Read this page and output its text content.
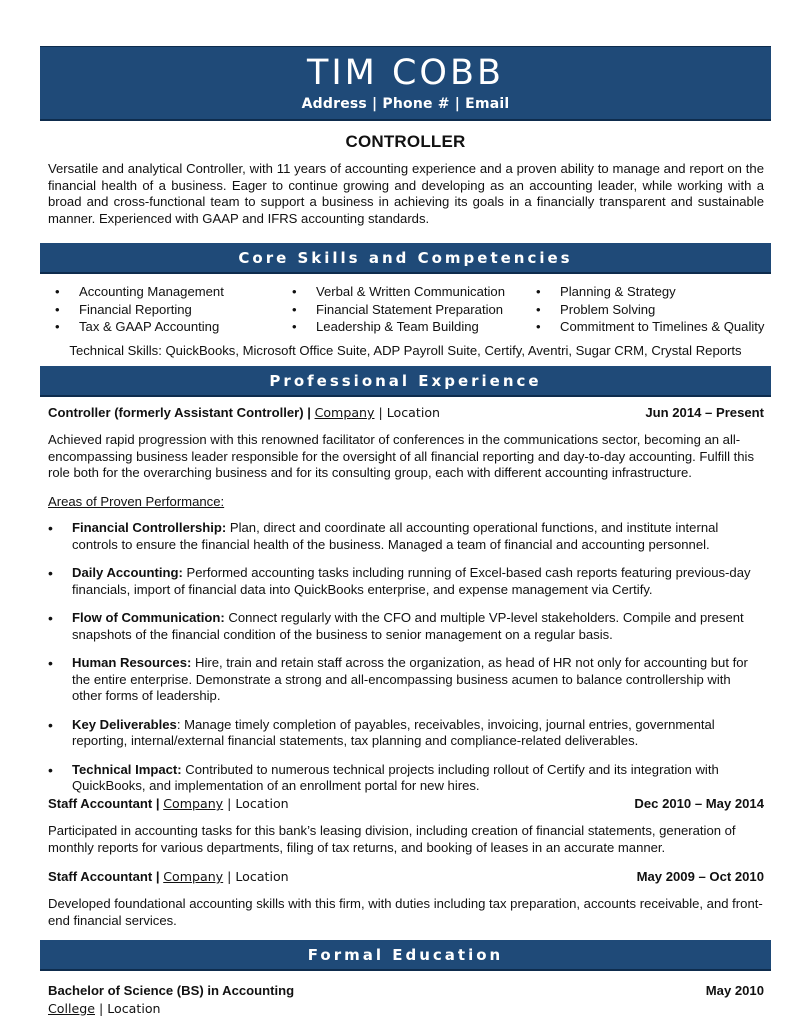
TIM COBB
Address | Phone # | Email
CONTROLLER
Versatile and analytical Controller, with 11 years of accounting experience and a proven ability to manage and report on the financial health of a business. Eager to continue growing and developing as an accounting leader, while working with a broad and cross-functional team to support a business in achieving its goals in a financially transparent and sustainable manner. Experienced with GAAP and IFRS accounting standards.
Core Skills and Competencies
• Accounting Management
• Financial Reporting
• Tax & GAAP Accounting
• Verbal & Written Communication
• Financial Statement Preparation
• Leadership & Team Building
• Planning & Strategy
• Problem Solving
• Commitment to Timelines & Quality
Technical Skills: QuickBooks, Microsoft Office Suite, ADP Payroll Suite, Certify, Aventri, Sugar CRM, Crystal Reports
Professional Experience
Controller (formerly Assistant Controller) | Company | Location	Jun 2014 – Present
Achieved rapid progression with this renowned facilitator of conferences in the communications sector, becoming an all-encompassing business leader responsible for the oversight of all financial reporting and day-to-day accounting. Fulfill this role both for the overarching business and for its consulting group, each with different accounting infrastructure.
Areas of Proven Performance:
• Financial Controllership: Plan, direct and coordinate all accounting operational functions, and institute internal controls to ensure the financial health of the business. Managed a team of financial and accounting personnel.
• Daily Accounting: Performed accounting tasks including running of Excel-based cash reports featuring previous-day financials, import of financial data into QuickBooks enterprise, and expense management via Certify.
• Flow of Communication: Connect regularly with the CFO and multiple VP-level stakeholders. Compile and present snapshots of the financial condition of the business to senior management on a regular basis.
• Human Resources: Hire, train and retain staff across the organization, as head of HR not only for accounting but for the entire enterprise. Demonstrate a strong and all-encompassing business acumen to balance controllership with other forms of leadership.
• Key Deliverables: Manage timely completion of payables, receivables, invoicing, journal entries, governmental reporting, internal/external financial statements, tax planning and compliance-related deliverables.
• Technical Impact: Contributed to numerous technical projects including rollout of Certify and its integration with QuickBooks, and implementation of an enrollment portal for new hires.
Staff Accountant | Company | Location	Dec 2010 – May 2014
Participated in accounting tasks for this bank’s leasing division, including creation of financial statements, generation of monthly reports for various departments, filing of tax returns, and booking of leases in an accurate manner.
Staff Accountant | Company | Location	May 2009 – Oct 2010
Developed foundational accounting skills with this firm, with duties including tax preparation, accounts receivable, and front-end financial services.
Formal Education
Bachelor of Science (BS) in Accounting	May 2010
College | Location
